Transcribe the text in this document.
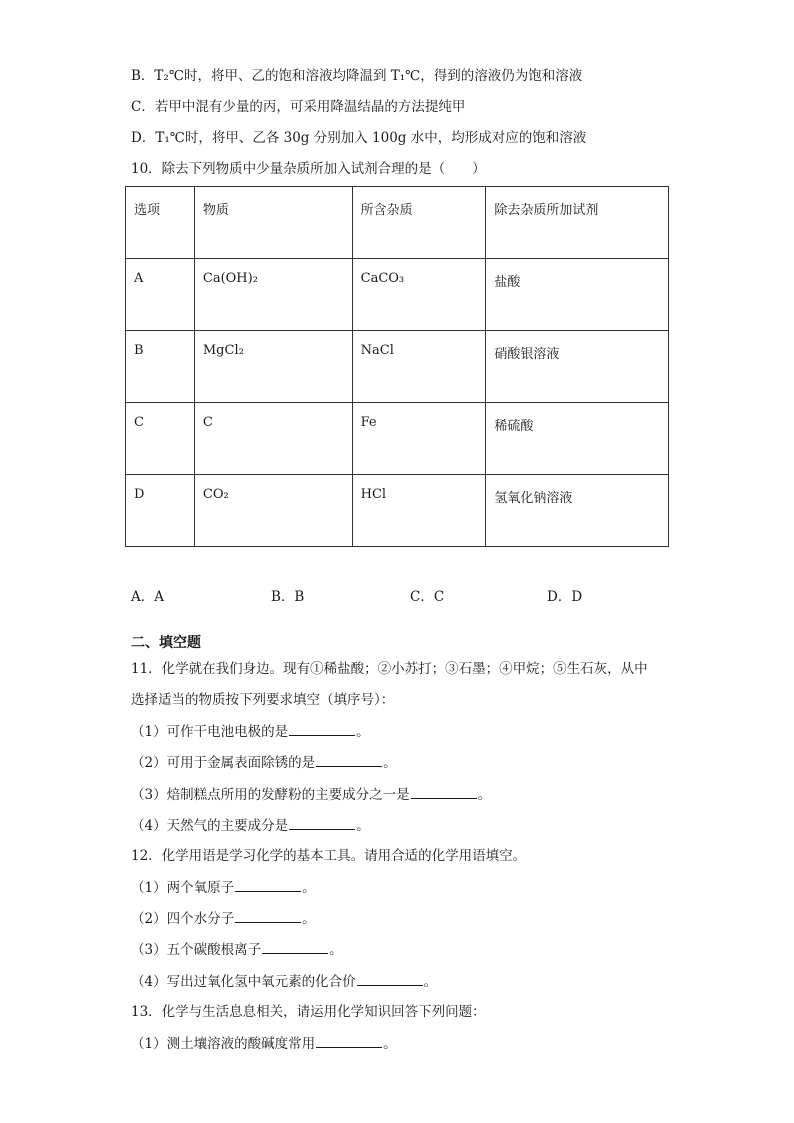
B．T₂℃时，将甲、乙的饱和溶液均降温到 T₁℃，得到的溶液仍为饱和溶液
C．若甲中混有少量的丙，可采用降温结晶的方法提纯甲
D．T₁℃时，将甲、乙各 30g 分别加入 100g 水中，均形成对应的饱和溶液
10．除去下列物质中少量杂质所加入试剂合理的是（　　）
选项	物质	所含杂质	除去杂质所加试剂
A	Ca(OH)₂	CaCO₃	盐酸
B	MgCl₂	NaCl	硝酸银溶液
C	C	Fe	稀硫酸
D	CO₂	HCl	氢氧化钠溶液
A．A	B．B	C．C	D．D
二、填空题
11．化学就在我们身边。现有①稀盐酸；②小苏打；③石墨；④甲烷；⑤生石灰，从中
选择适当的物质按下列要求填空（填序号）：
（1）可作干电池电极的是	。
（2）可用于金属表面除锈的是	。
（3）焙制糕点所用的发酵粉的主要成分之一是	。
（4）天然气的主要成分是	。
12．化学用语是学习化学的基本工具。请用合适的化学用语填空。
（1）两个氧原子	。
（2）四个水分子	。
（3）五个碳酸根离子	。
（4）写出过氧化氢中氧元素的化合价	。
13．化学与生活息息相关，请运用化学知识回答下列问题：
（1）测土壤溶液的酸碱度常用	。
